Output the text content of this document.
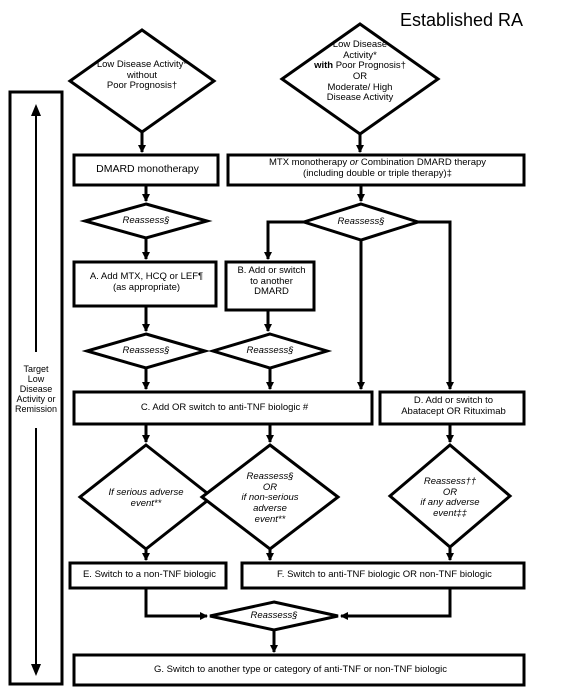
Established RA
Target
Low
Disease
Activity or
Remission
Low Disease Activity*
without
Poor Prognosis†
Low Disease
Activity*
with Poor Prognosis†
OR
Moderate/ High
Disease Activity
DMARD monotherapy
MTX monotherapy or Combination DMARD therapy
(including double or triple therapy)‡
Reassess§	Reassess§
A. Add MTX, HCQ or LEF¶
(as appropriate)
B. Add or switch
to another
DMARD
Reassess§	Reassess§
C. Add OR switch to anti-TNF biologic #
D. Add or switch to
Abatacept OR Rituximab
If serious adverse
event**
Reassess§
OR
if non-serious
adverse
event**
Reassess††
OR
if any adverse
event‡‡
E. Switch to a non-TNF biologic	F. Switch to anti-TNF biologic OR non-TNF biologic
Reassess§
G. Switch to another type or category of anti-TNF or non-TNF biologic
